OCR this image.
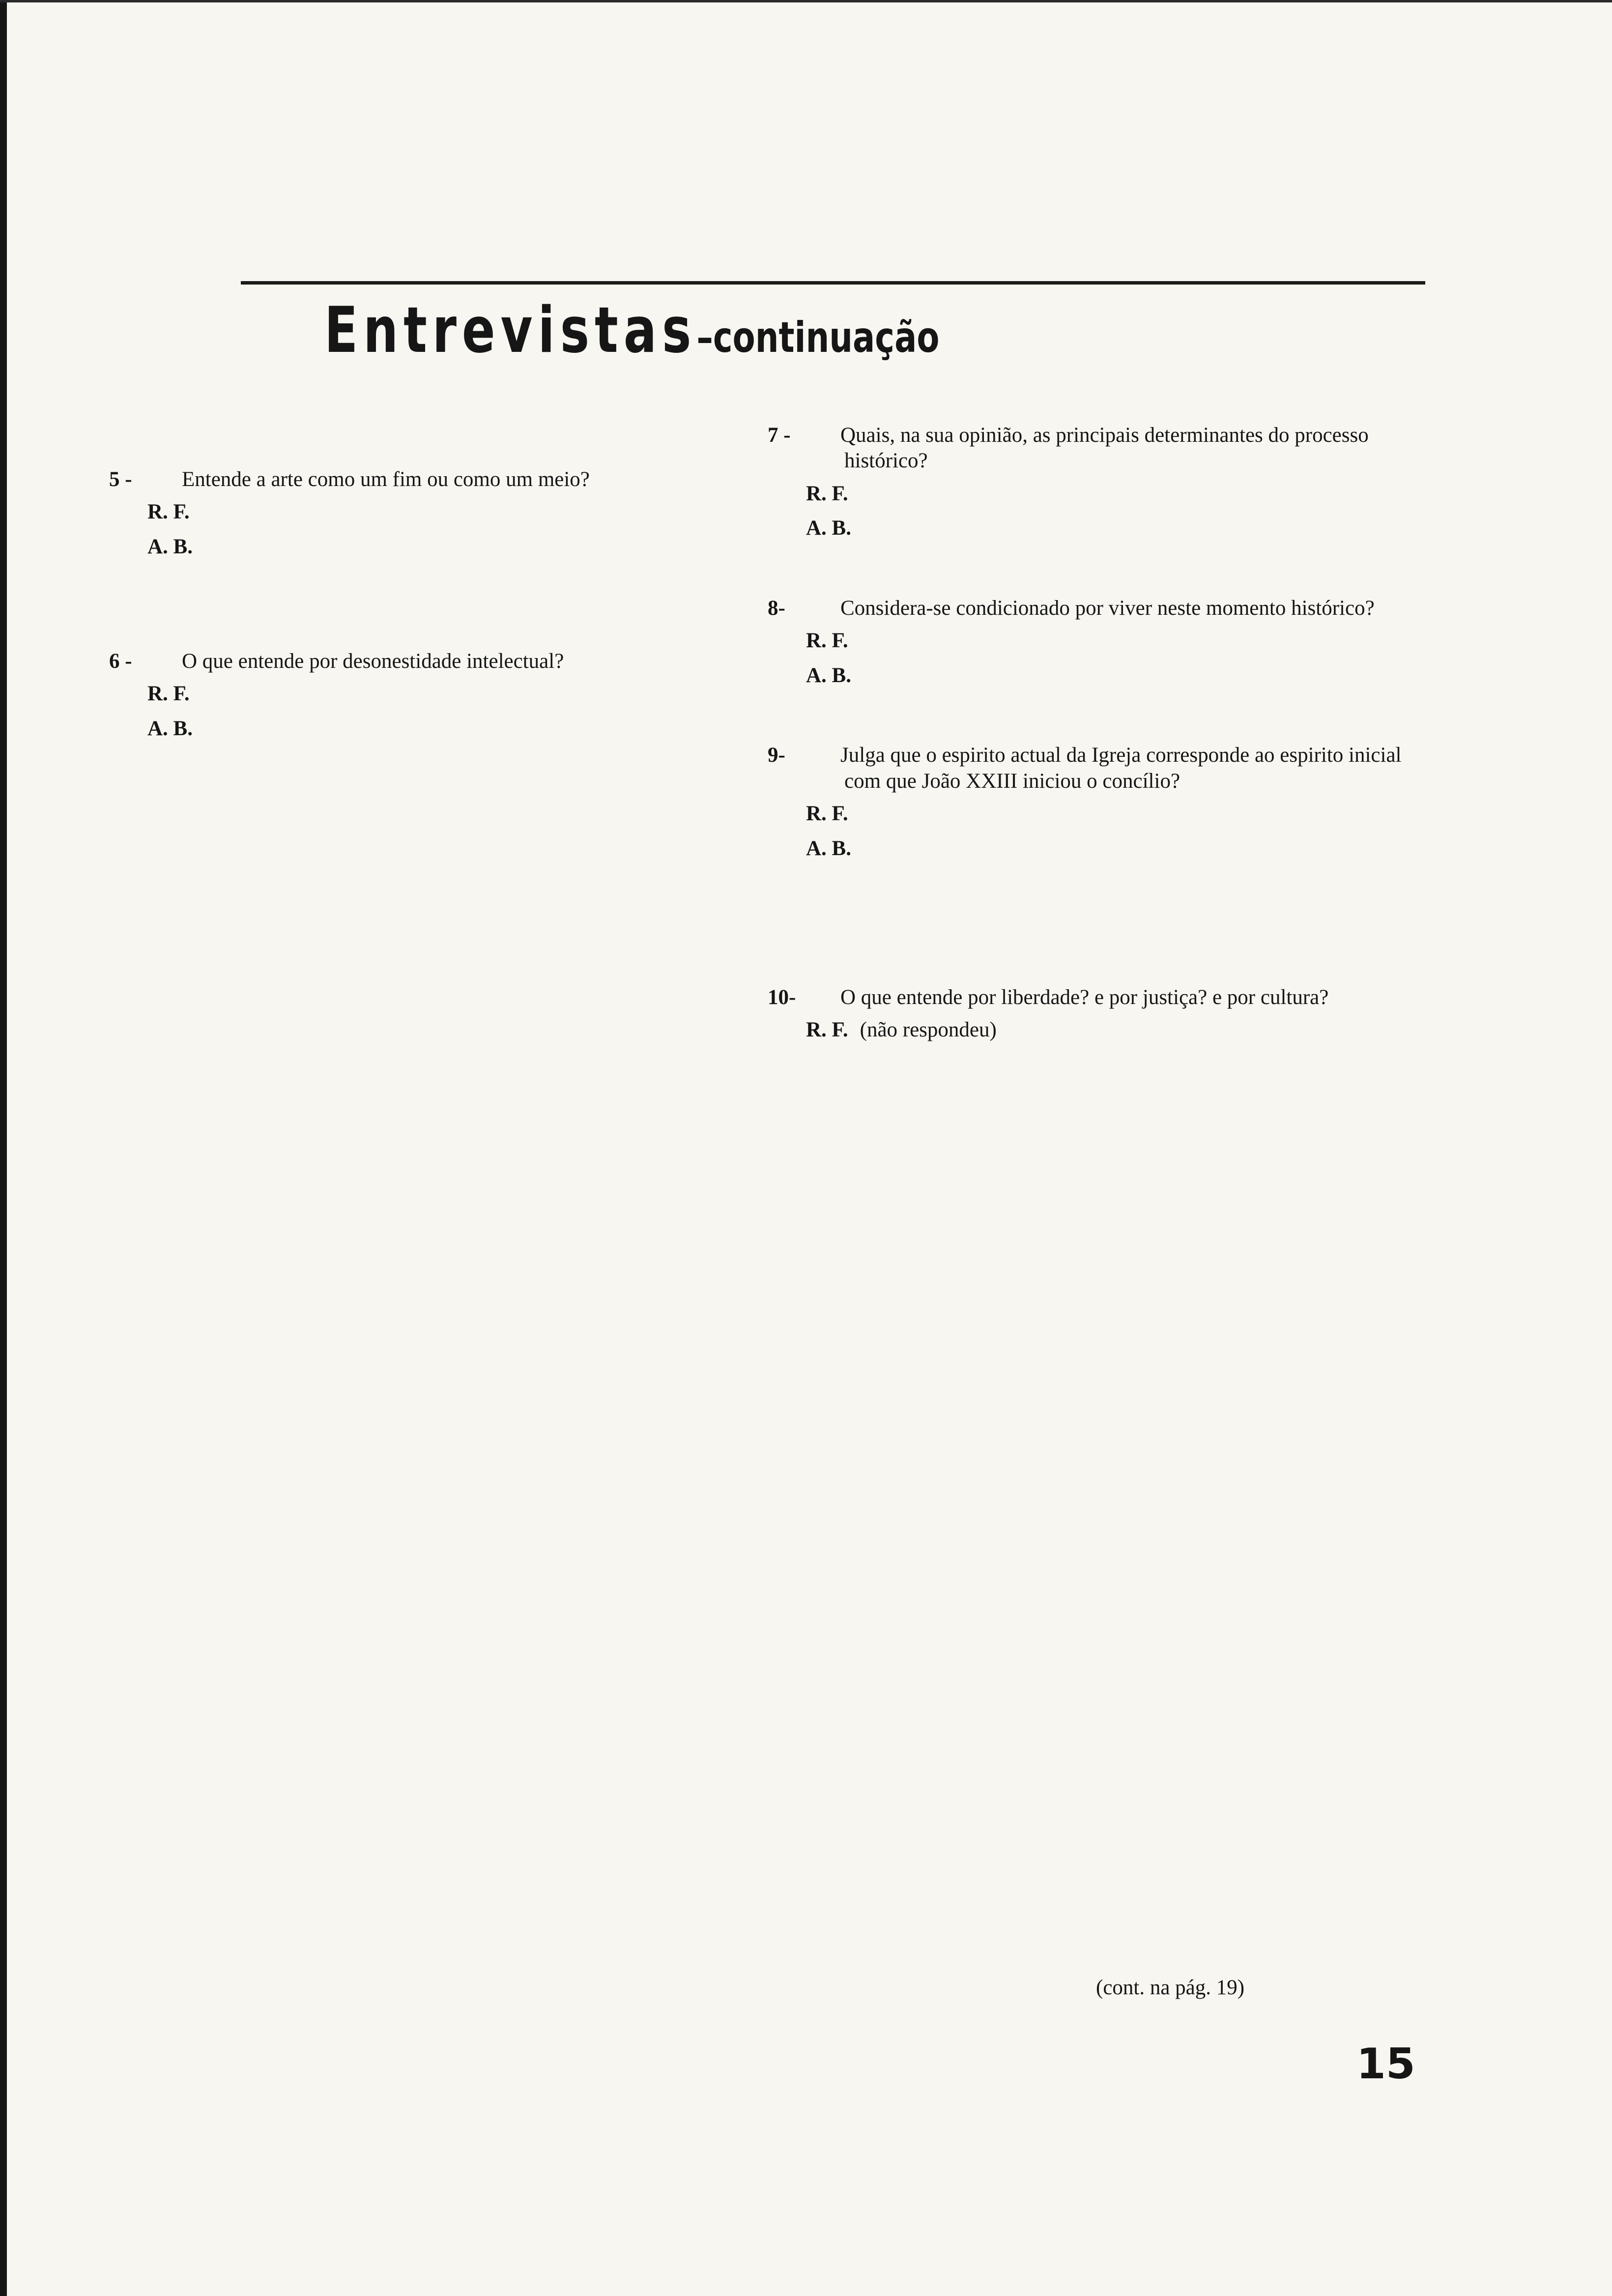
Entrevistas–continuação

5 - Entende a arte como um fim ou como um meio?

R. F.

A. B.

6 - O que entende por desonestidade intelectual?

R. F.

A. B.

7 - Quais, na sua opinião, as principais determinantes do processo histórico?

R. F.

A. B.

8-	Considera-se condicionado por viver neste momento histórico?

R. F.

A. B.

9-	Julga que o espirito actual da Igreja corresponde ao espirito inicial com que João XXIII iniciou o concílio?

R. F.

A. B.

10- O que entende por liberdade? e por justiça? e por cultura?

R. F. (não respondeu)

(cont. na pág. 19)
15
